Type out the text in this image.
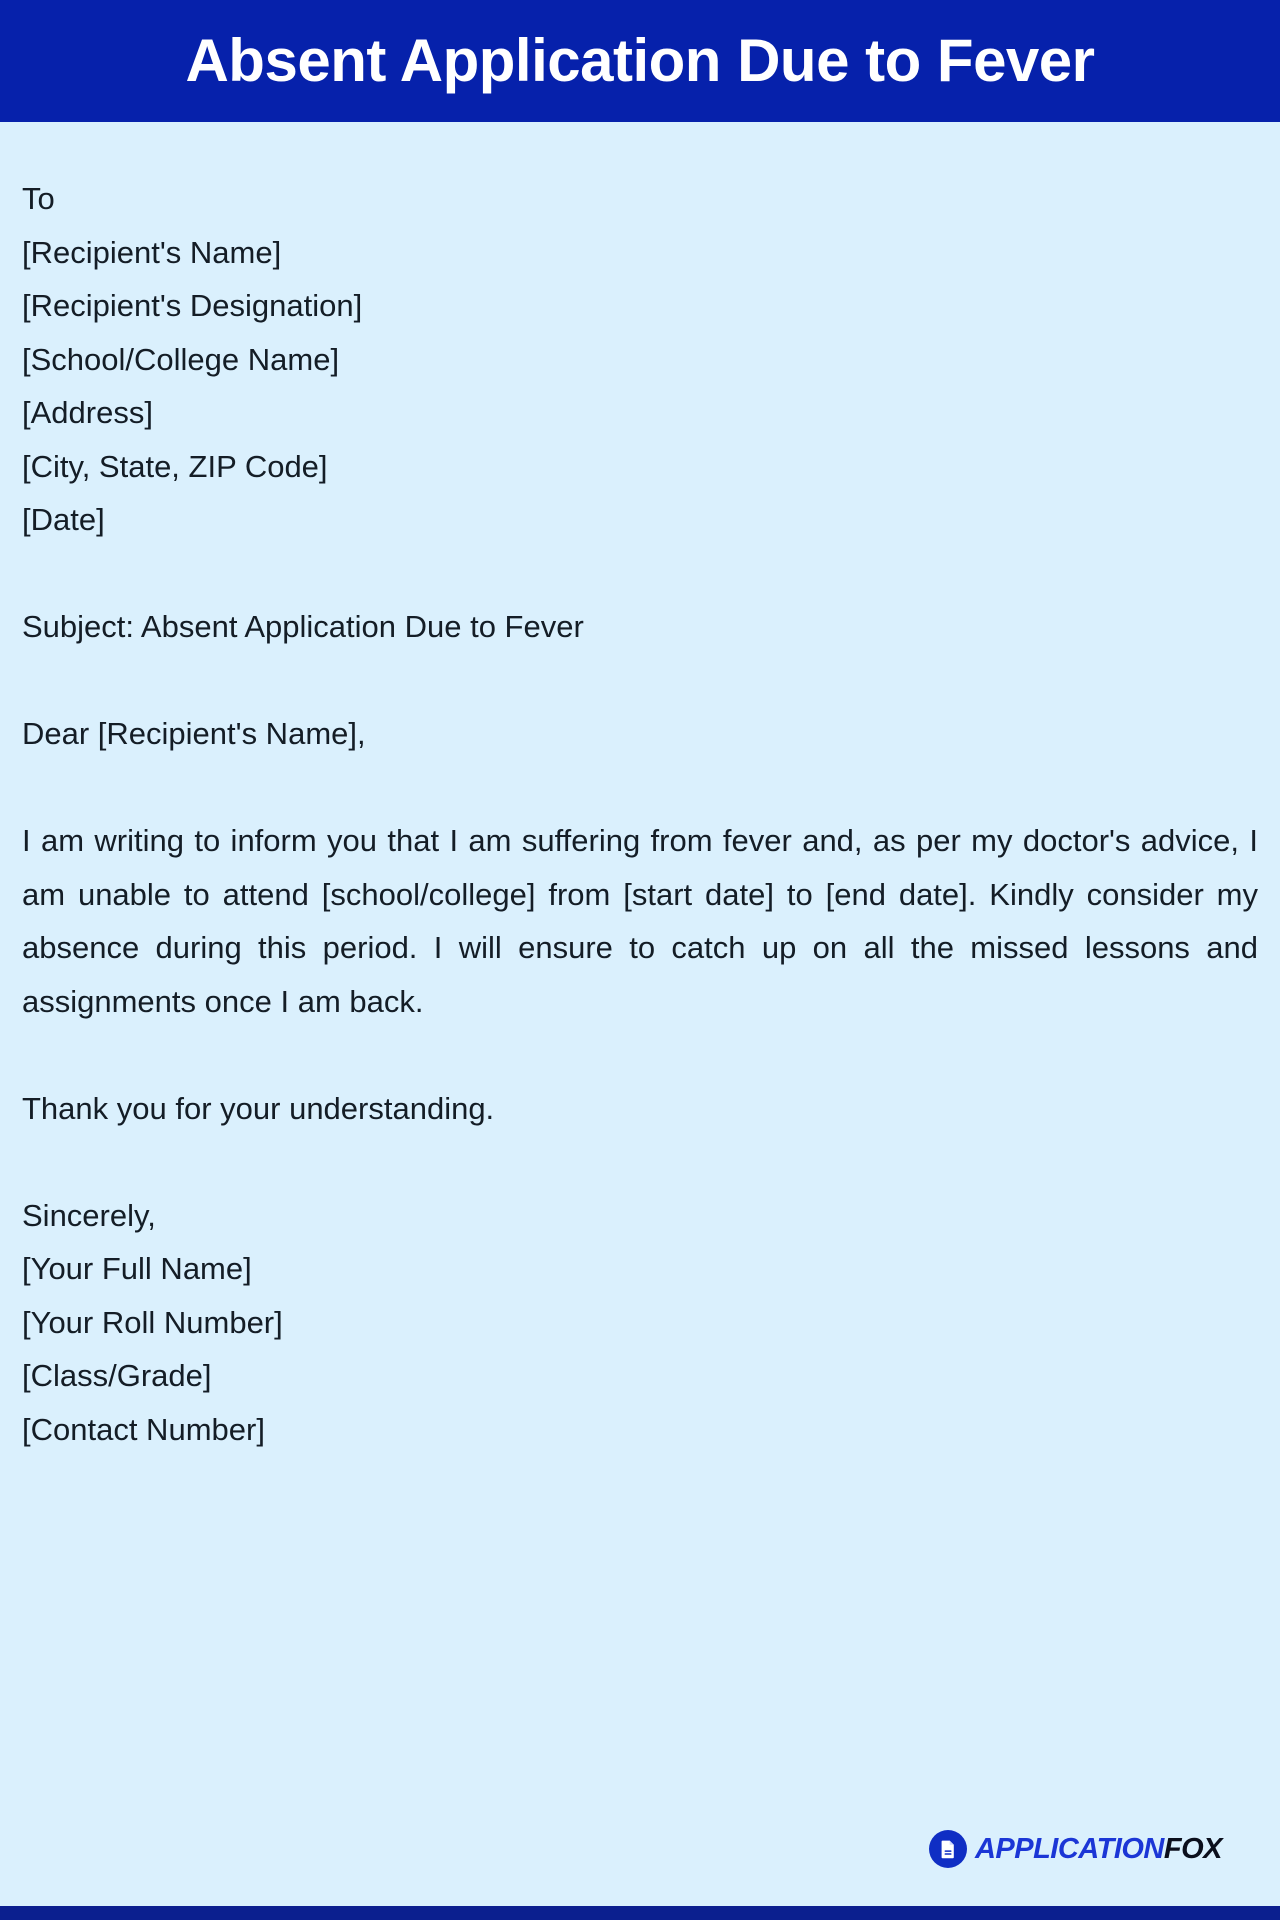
Absent Application Due to Fever
To
[Recipient's Name]
[Recipient's Designation]
[School/College Name]
[Address]
[City, State, ZIP Code]
[Date]
Subject: Absent Application Due to Fever
Dear [Recipient's Name],

I am writing to inform you that I am suffering from fever and, as per my doctor's advice, I am unable to attend [school/college] from [start date] to [end date]. Kindly consider my absence during this period. I will ensure to catch up on all the missed lessons and assignments once I am back.

Thank you for your understanding.
Sincerely,
[Your Full Name]
[Your Roll Number]
[Class/Grade]
[Contact Number]
APPLICATIONFOX
